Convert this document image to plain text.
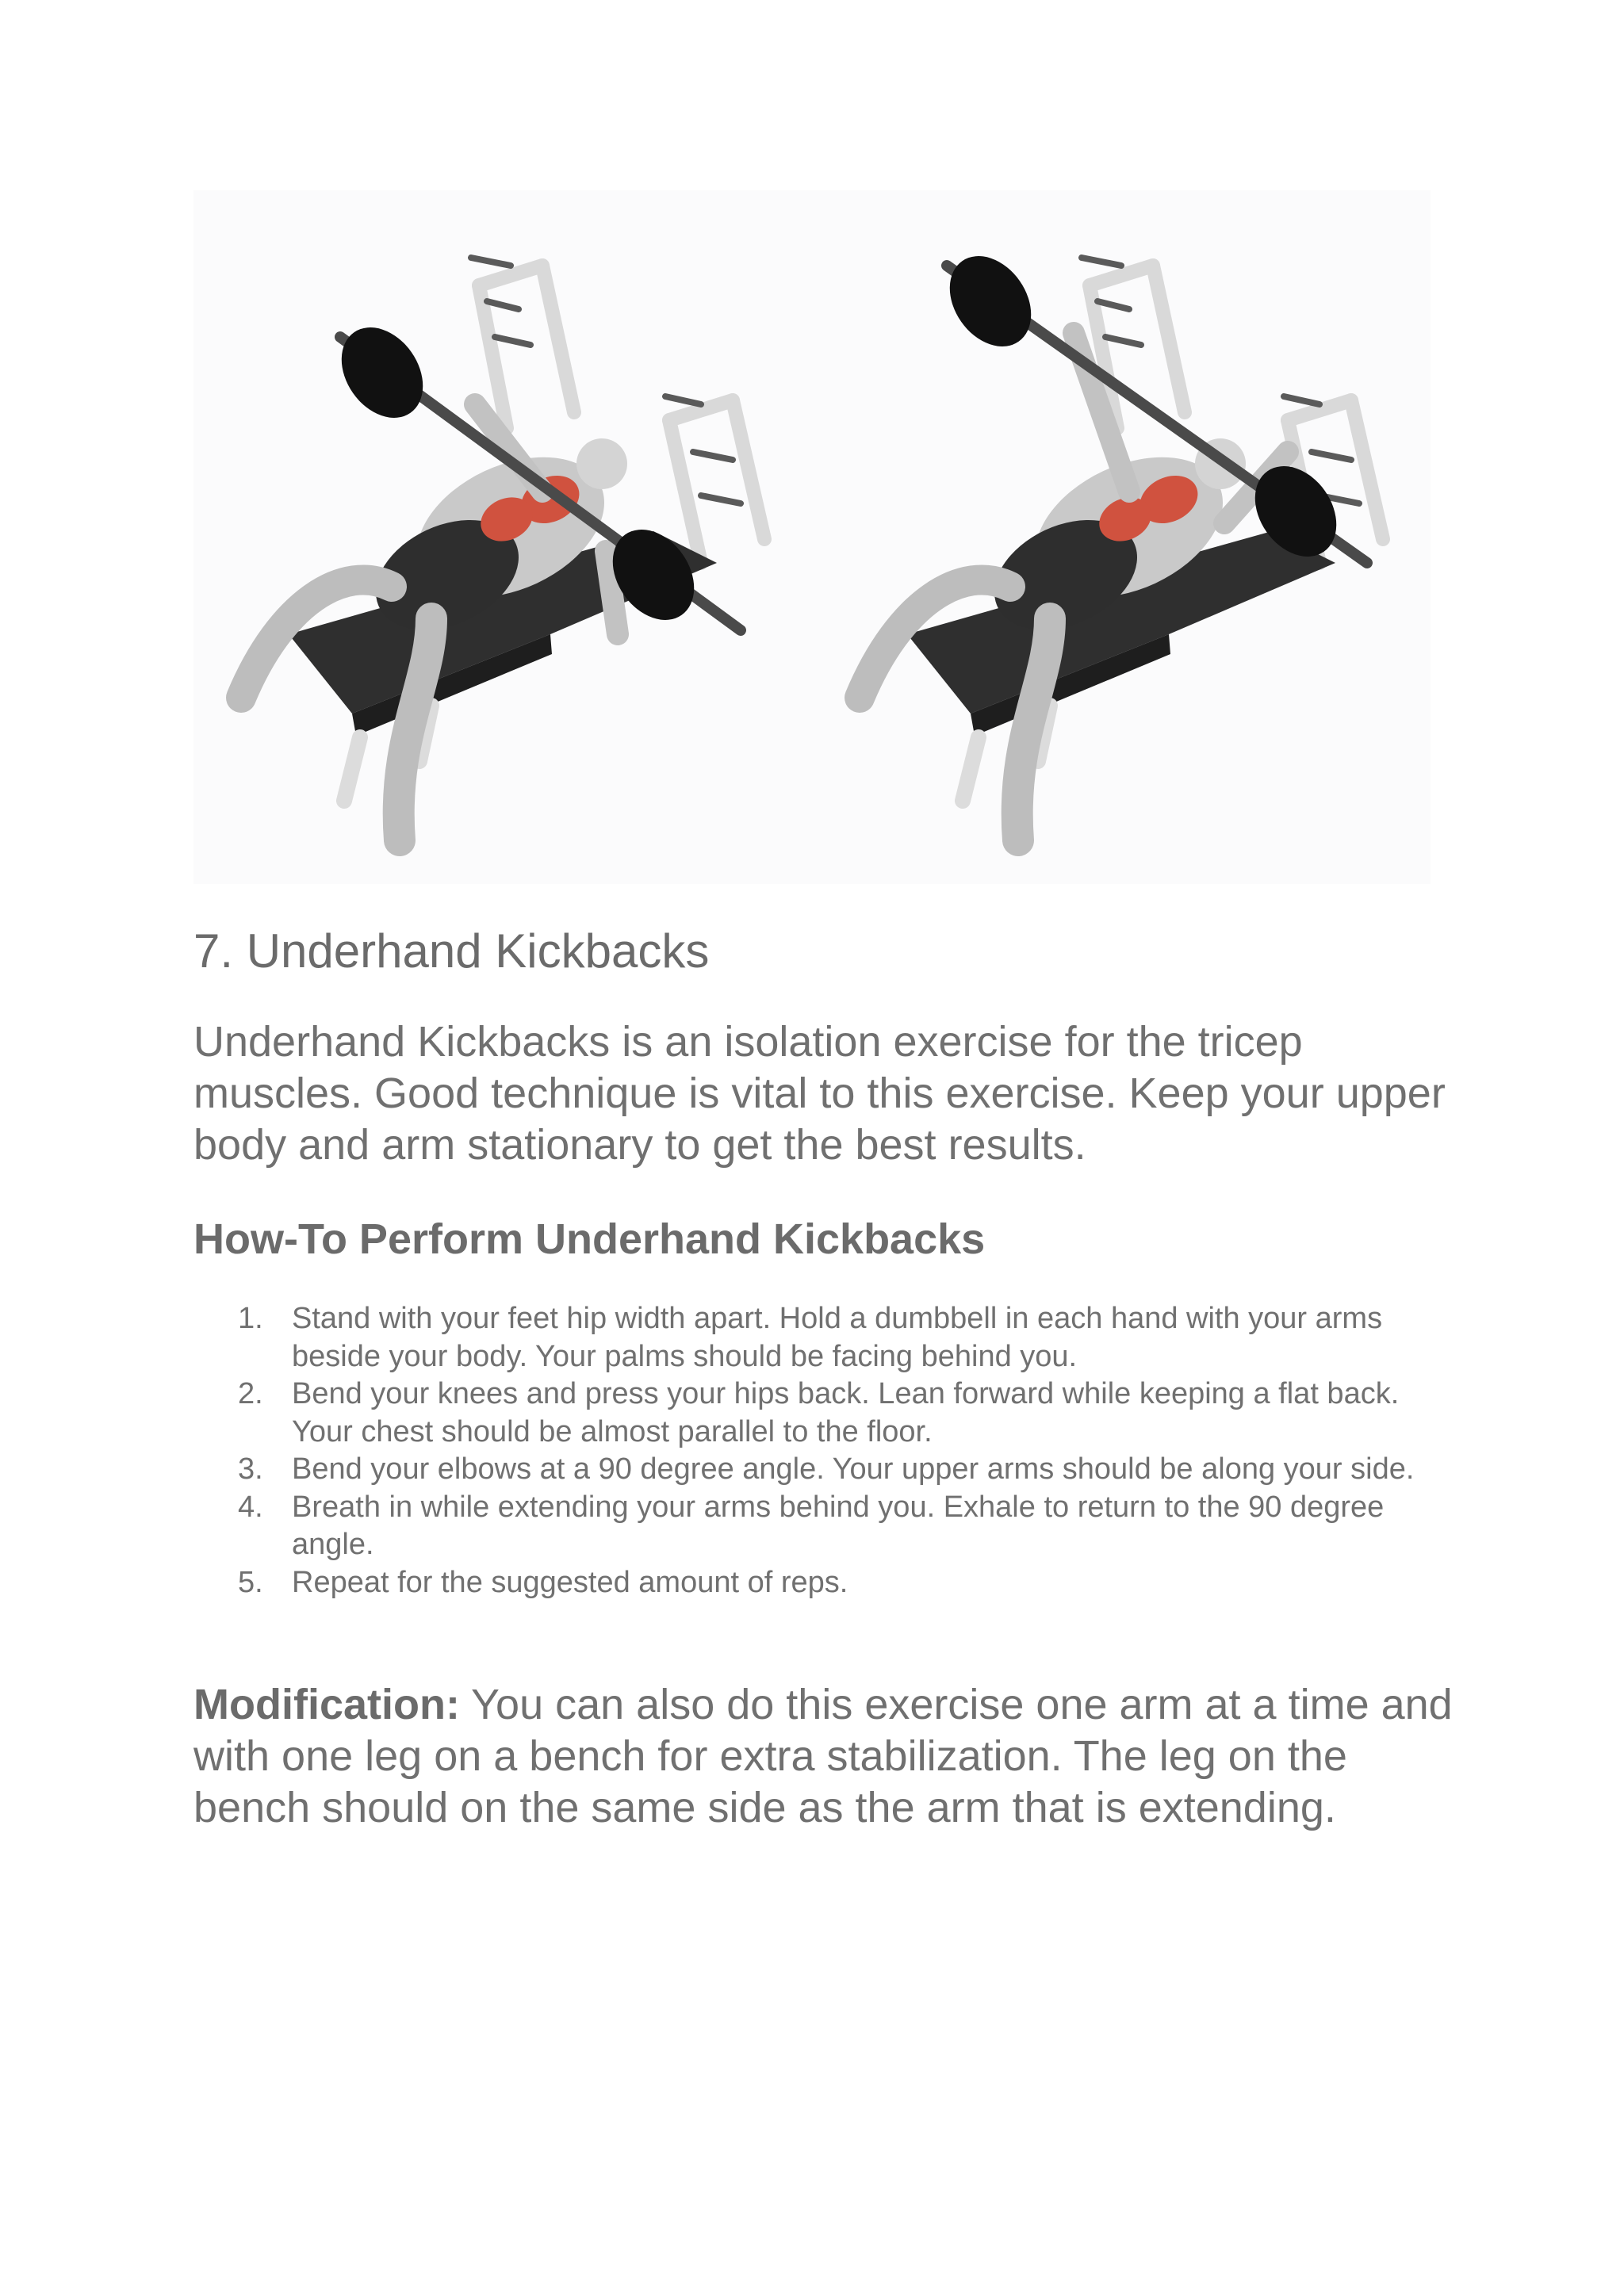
7. Underhand Kickbacks

Underhand Kickbacks is an isolation exercise for the tricep muscles. Good technique is vital to this exercise. Keep your upper body and arm stationary to get the best results.

How-To Perform Underhand Kickbacks
1. Stand with your feet hip width apart. Hold a dumbbell in each hand with your arms beside your body. Your palms should be facing behind you.
2. Bend your knees and press your hips back. Lean forward while keeping a flat back. Your chest should be almost parallel to the floor.
3. Bend your elbows at a 90 degree angle. Your upper arms should be along your side.
4. Breath in while extending your arms behind you. Exhale to return to the 90 degree angle.
5. Repeat for the suggested amount of reps.

Modification: You can also do this exercise one arm at a time and with one leg on a bench for extra stabilization. The leg on the bench should on the same side as the arm that is extending.
